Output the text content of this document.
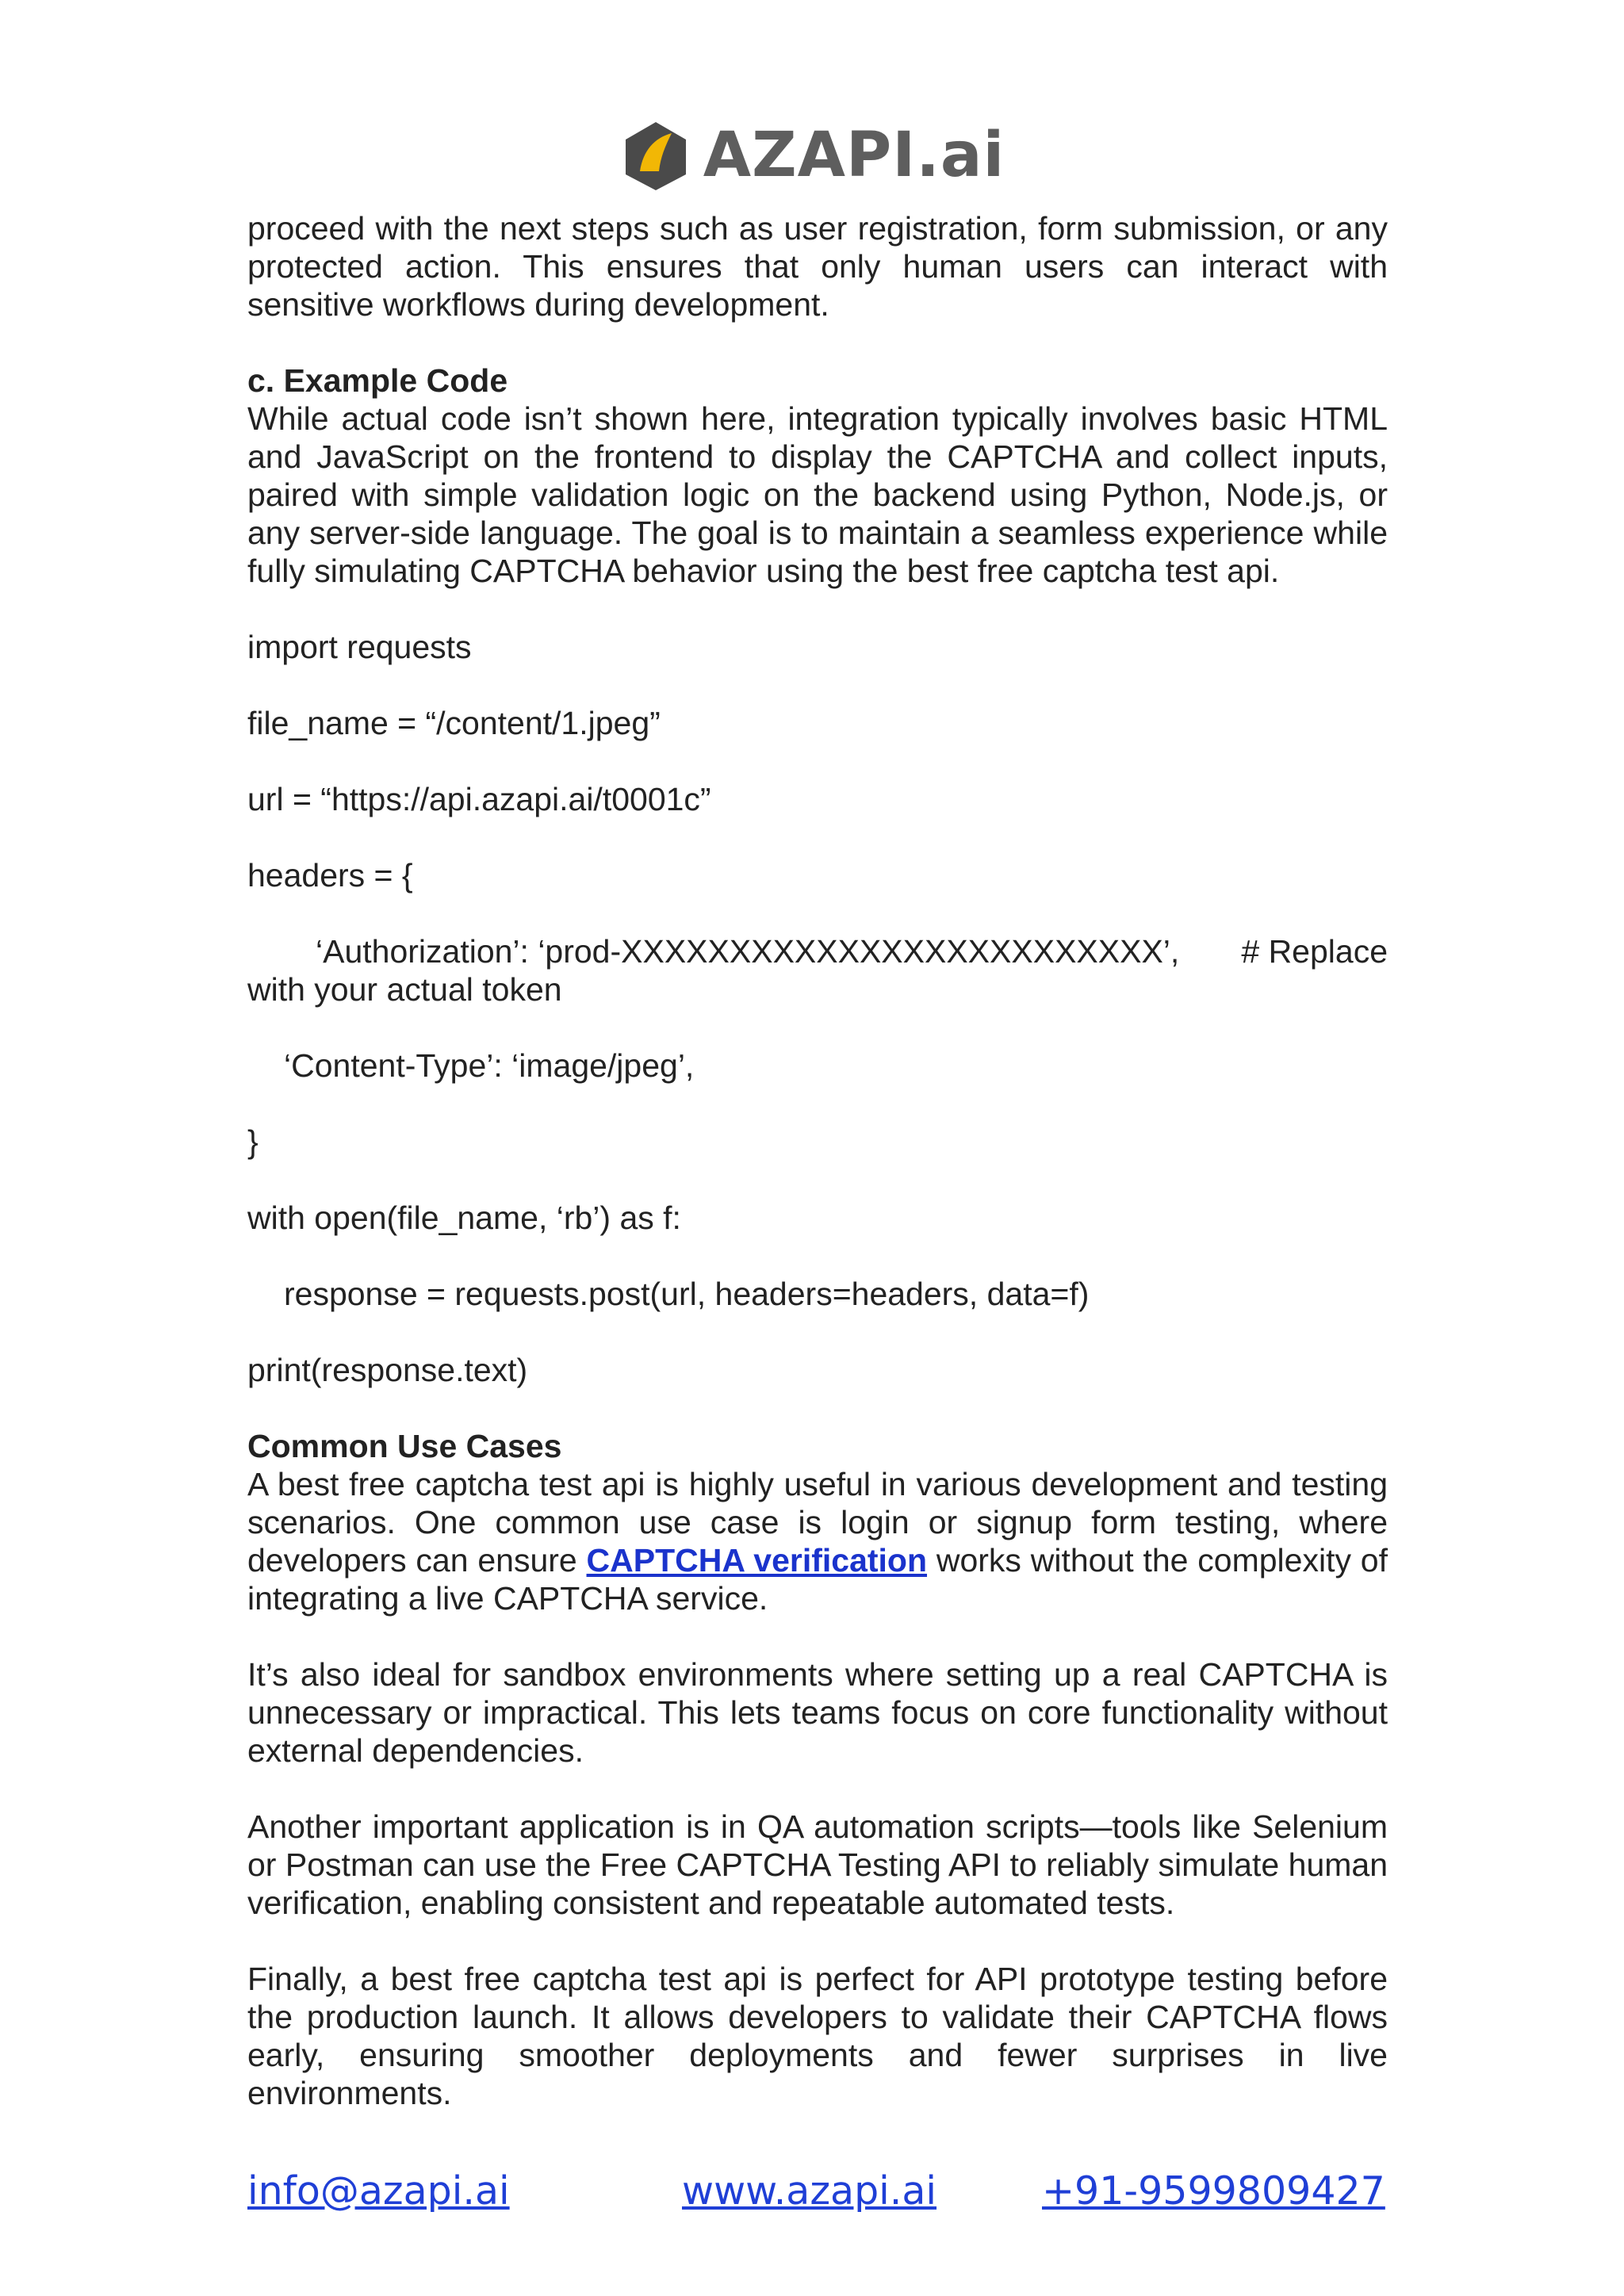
AZAPI.ai

proceed with the next steps such as user registration, form submission, or any protected action. This ensures that only human users can interact with sensitive workflows during development.

c. Example Code

While actual code isn’t shown here, integration typically involves basic HTML and JavaScript on the frontend to display the CAPTCHA and collect inputs, paired with simple validation logic on the backend using Python, Node.js, or any server-side language. The goal is to maintain a seamless experience while fully simulating CAPTCHA behavior using the best free captcha test api.

import requests

file_name = “/content/1.jpeg”

url = “https://api.azapi.ai/t0001c”

headers = {

‘Authorization’: ‘prod-XXXXXXXXXXXXXXXXXXXXXXXXX’, # Replace

with your actual token

‘Content-Type’: ‘image/jpeg’,

}

with open(file_name, ‘rb’) as f:

response = requests.post(url, headers=headers, data=f)

print(response.text)

Common Use Cases

A best free captcha test api is highly useful in various development and testing scenarios. One common use case is login or signup form testing, where developers can ensure CAPTCHA verification works without the complexity of integrating a live CAPTCHA service.

It’s also ideal for sandbox environments where setting up a real CAPTCHA is unnecessary or impractical. This lets teams focus on core functionality without external dependencies.

Another important application is in QA automation scripts—tools like Selenium or Postman can use the Free CAPTCHA Testing API to reliably simulate human verification, enabling consistent and repeatable automated tests.

Finally, a best free captcha test api is perfect for API prototype testing before the production launch. It allows developers to validate their CAPTCHA flows early, ensuring smoother deployments and fewer surprises in live environments.

info@azapi.ai	www.azapi.ai	+91-9599809427
